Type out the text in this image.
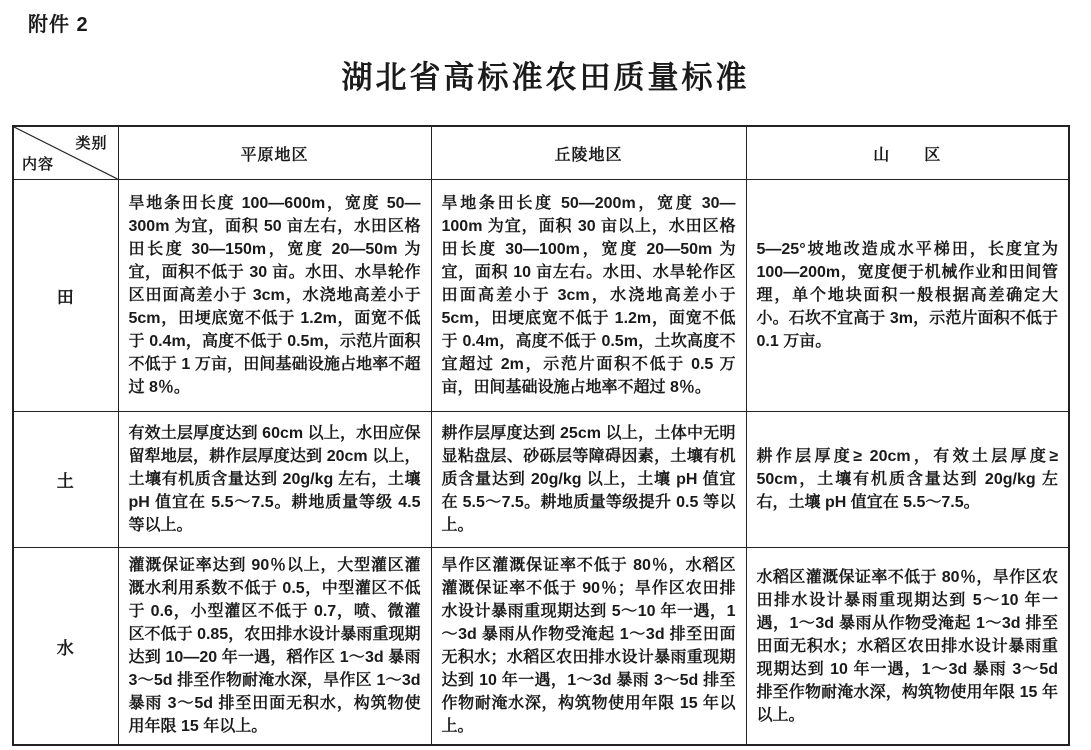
附件 2
湖北省高标准农田质量标准
类别
内容	平原地区	丘陵地区	山　　区
田	旱地条田长度 100—600m，宽度 50—300m 为宜，面积 50 亩左右，水田区格田长度 30—150m，宽度 20—50m 为宜，面积不低于 30 亩。水田、水旱轮作区田面高差小于 3cm，水浇地高差小于 5cm，田埂底宽不低于 1.2m，面宽不低于 0.4m，高度不低于 0.5m，示范片面积不低于 1 万亩，田间基础设施占地率不超过 8％。	旱地条田长度 50—200m，宽度 30—100m 为宜，面积 30 亩以上，水田区格田长度 30—100m，宽度 20—50m 为宜，面积 10 亩左右。水田、水旱轮作区田面高差小于 3cm，水浇地高差小于 5cm，田埂底宽不低于 1.2m，面宽不低于 0.4m，高度不低于 0.5m，土坎高度不宜超过 2m，示范片面积不低于 0.5 万亩，田间基础设施占地率不超过 8％。	5—25°坡地改造成水平梯田，长度宜为 100—200m，宽度便于机械作业和田间管理，单个地块面积一般根据高差确定大小。石坎不宜高于 3m，示范片面积不低于 0.1 万亩。
土	有效土层厚度达到 60cm 以上，水田应保留犁地层，耕作层厚度达到 20cm 以上，土壤有机质含量达到 20g/kg 左右，土壤 pH 值宜在 5.5～7.5。耕地质量等级 4.5 等以上。	耕作层厚度达到 25cm 以上，土体中无明显粘盘层、砂砾层等障碍因素，土壤有机质含量达到 20g/kg 以上，土壤 pH 值宜在 5.5～7.5。耕地质量等级提升 0.5 等以上。	耕作层厚度≥ 20cm，有效土层厚度≥ 50cm，土壤有机质含量达到 20g/kg 左右，土壤 pH 值宜在 5.5～7.5。
水	灌溉保证率达到 90％以上，大型灌区灌溉水利用系数不低于 0.5，中型灌区不低于 0.6，小型灌区不低于 0.7，喷、微灌区不低于 0.85，农田排水设计暴雨重现期达到 10—20 年一遇，稻作区 1～3d 暴雨 3～5d 排至作物耐淹水深，旱作区 1～3d 暴雨 3～5d 排至田面无积水，构筑物使用年限 15 年以上。	旱作区灌溉保证率不低于 80％，水稻区灌溉保证率不低于 90％；旱作区农田排水设计暴雨重现期达到 5～10 年一遇，1～3d 暴雨从作物受淹起 1～3d 排至田面无积水；水稻区农田排水设计暴雨重现期达到 10 年一遇，1～3d 暴雨 3～5d 排至作物耐淹水深，构筑物使用年限 15 年以上。	水稻区灌溉保证率不低于 80％，旱作区农田排水设计暴雨重现期达到 5～10 年一遇，1～3d 暴雨从作物受淹起 1～3d 排至田面无积水；水稻区农田排水设计暴雨重现期达到 10 年一遇，1～3d 暴雨 3～5d 排至作物耐淹水深，构筑物使用年限 15 年以上。
